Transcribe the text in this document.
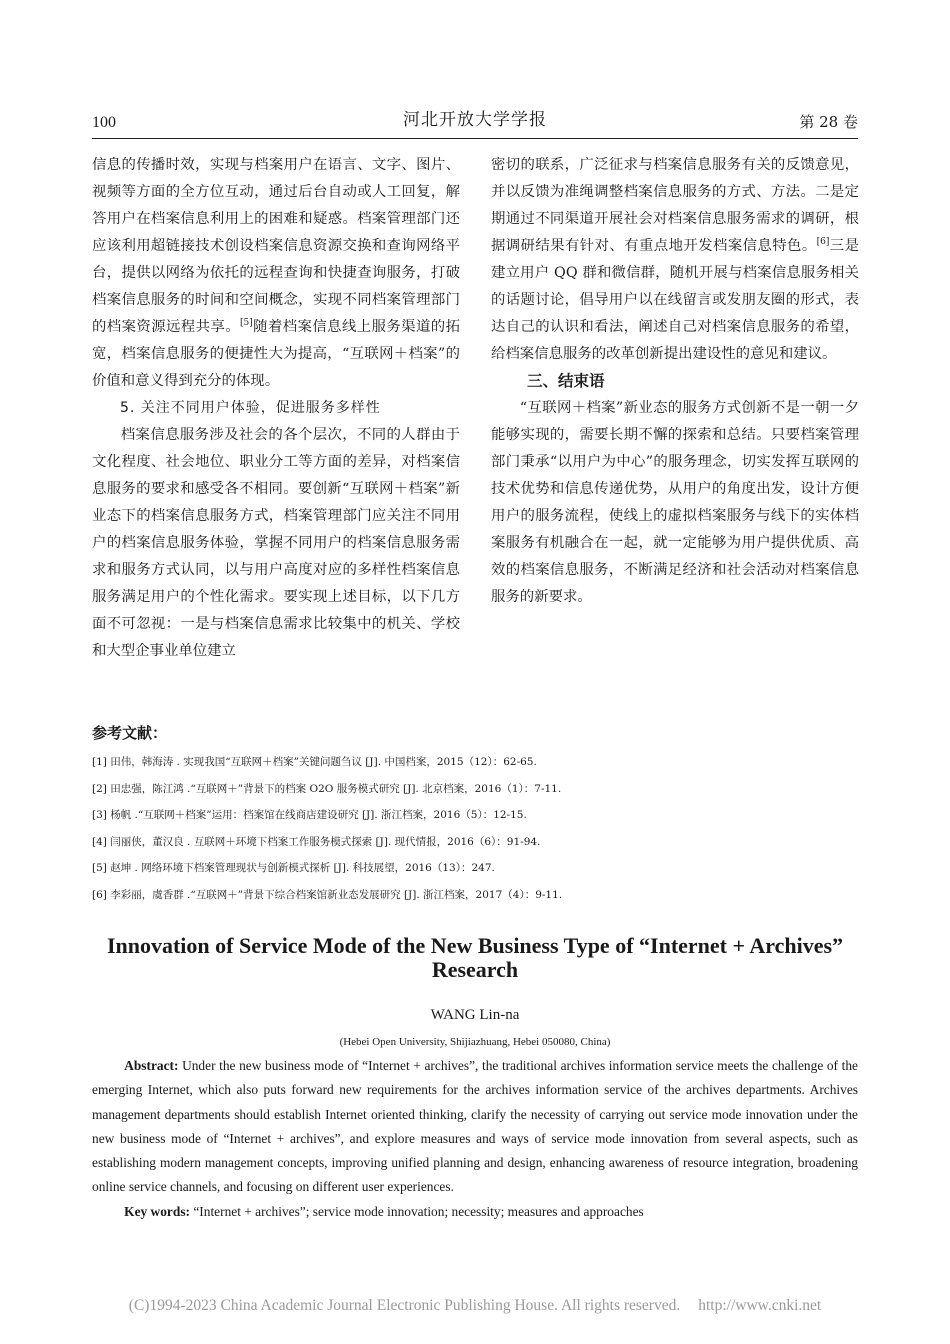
100	河北开放大学学报	第 28 卷

信息的传播时效，实现与档案用户在语言、文字、图片、视频等方面的全方位互动，通过后台自动或人工回复，解答用户在档案信息利用上的困难和疑惑。档案管理部门还应该利用超链接技术创设档案信息资源交换和查询网络平台，提供以网络为依托的远程查询和快捷查询服务，打破档案信息服务的时间和空间概念，实现不同档案管理部门的档案资源远程共享。[5]随着档案信息线上服务渠道的拓宽，档案信息服务的便捷性大为提高，“互联网＋档案”的价值和意义得到充分的体现。

5. 关注不同用户体验，促进服务多样性

档案信息服务涉及社会的各个层次，不同的人群由于文化程度、社会地位、职业分工等方面的差异，对档案信息服务的要求和感受各不相同。要创新“互联网＋档案”新业态下的档案信息服务方式，档案管理部门应关注不同用户的档案信息服务体验，掌握不同用户的档案信息服务需求和服务方式认同，以与用户高度对应的多样性档案信息服务满足用户的个性化需求。要实现上述目标，以下几方面不可忽视：一是与档案信息需求比较集中的机关、学校和大型企事业单位建立

密切的联系，广泛征求与档案信息服务有关的反馈意见，并以反馈为准绳调整档案信息服务的方式、方法。二是定期通过不同渠道开展社会对档案信息服务需求的调研，根据调研结果有针对、有重点地开发档案信息特色。[6]三是建立用户 QQ 群和微信群，随机开展与档案信息服务相关的话题讨论，倡导用户以在线留言或发朋友圈的形式，表达自己的认识和看法，阐述自己对档案信息服务的希望，给档案信息服务的改革创新提出建设性的意见和建议。

三、结束语

“互联网＋档案”新业态的服务方式创新不是一朝一夕能够实现的，需要长期不懈的探索和总结。只要档案管理部门秉承“以用户为中心”的服务理念，切实发挥互联网的技术优势和信息传递优势，从用户的角度出发，设计方便用户的服务流程，使线上的虚拟档案服务与线下的实体档案服务有机融合在一起，就一定能够为用户提供优质、高效的档案信息服务，不断满足经济和社会活动对档案信息服务的新要求。

参考文献：
[1] 田伟，韩海涛 . 实现我国“互联网＋档案”关键问题刍议 [J]. 中国档案，2015（12）：62-65.
[2] 田忠强，陈江鸿 .“互联网＋”背景下的档案 O2O 服务模式研究 [J]. 北京档案，2016（1）：7-11.
[3] 杨帆 .“互联网＋档案”运用：档案馆在线商店建设研究 [J]. 浙江档案，2016（5）：12-15.
[4] 闫丽侠，董汉良 . 互联网＋环境下档案工作服务模式探索 [J]. 现代情报，2016（6）：91-94.
[5] 赵坤 . 网络环境下档案管理现状与创新模式探析 [J]. 科技展望，2016（13）：247.
[6] 李彩丽，虞香群 .“互联网＋”背景下综合档案馆新业态发展研究 [J]. 浙江档案，2017（4）：9-11.
Innovation of Service Mode of the New Business Type of “Internet + Archives”
Research
WANG Lin-na
(Hebei Open University, Shijiazhuang, Hebei 050080, China)
Abstract: Under the new business mode of “Internet + archives”, the traditional archives information service meets the challenge of the emerging Internet, which also puts forward new requirements for the archives information service of the archives departments. Archives management departments should establish Internet oriented thinking, clarify the necessity of carrying out service mode innovation under the new business mode of “Internet + archives”, and explore measures and ways of service mode innovation from several aspects, such as establishing modern management concepts, improving unified planning and design, enhancing awareness of resource integration, broadening online service channels, and focusing on different user experiences.
Key words: “Internet + archives”; service mode innovation; necessity; measures and approaches
(C)1994-2023 China Academic Journal Electronic Publishing House. All rights reserved. http://www.cnki.net
